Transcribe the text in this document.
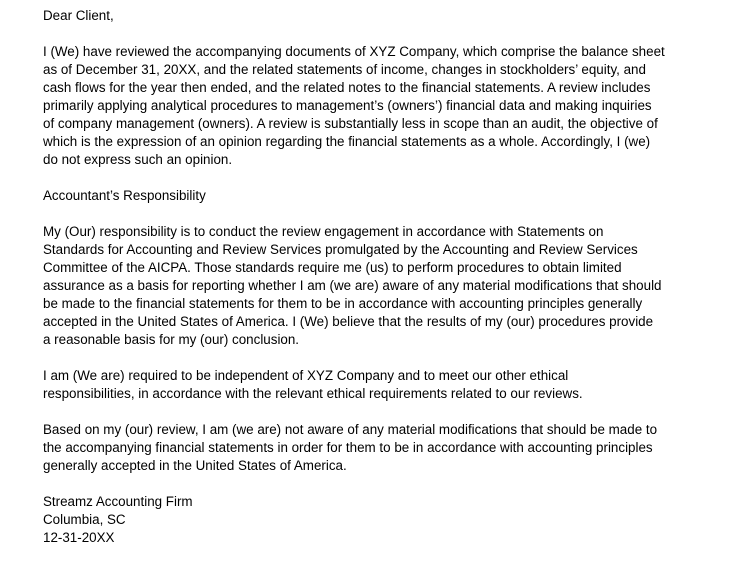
Dear Client,
I (We) have reviewed the accompanying documents of XYZ Company, which comprise the balance sheet
as of December 31, 20XX, and the related statements of income, changes in stockholders’ equity, and
cash flows for the year then ended, and the related notes to the financial statements. A review includes
primarily applying analytical procedures to management’s (owners’) financial data and making inquiries
of company management (owners). A review is substantially less in scope than an audit, the objective of
which is the expression of an opinion regarding the financial statements as a whole. Accordingly, I (we)
do not express such an opinion.
Accountant’s Responsibility
My (Our) responsibility is to conduct the review engagement in accordance with Statements on
Standards for Accounting and Review Services promulgated by the Accounting and Review Services
Committee of the AICPA. Those standards require me (us) to perform procedures to obtain limited
assurance as a basis for reporting whether I am (we are) aware of any material modifications that should
be made to the financial statements for them to be in accordance with accounting principles generally
accepted in the United States of America. I (We) believe that the results of my (our) procedures provide
a reasonable basis for my (our) conclusion.
I am (We are) required to be independent of XYZ Company and to meet our other ethical
responsibilities, in accordance with the relevant ethical requirements related to our reviews.
Based on my (our) review, I am (we are) not aware of any material modifications that should be made to
the accompanying financial statements in order for them to be in accordance with accounting principles
generally accepted in the United States of America.
Streamz Accounting Firm
Columbia, SC
12-31-20XX
